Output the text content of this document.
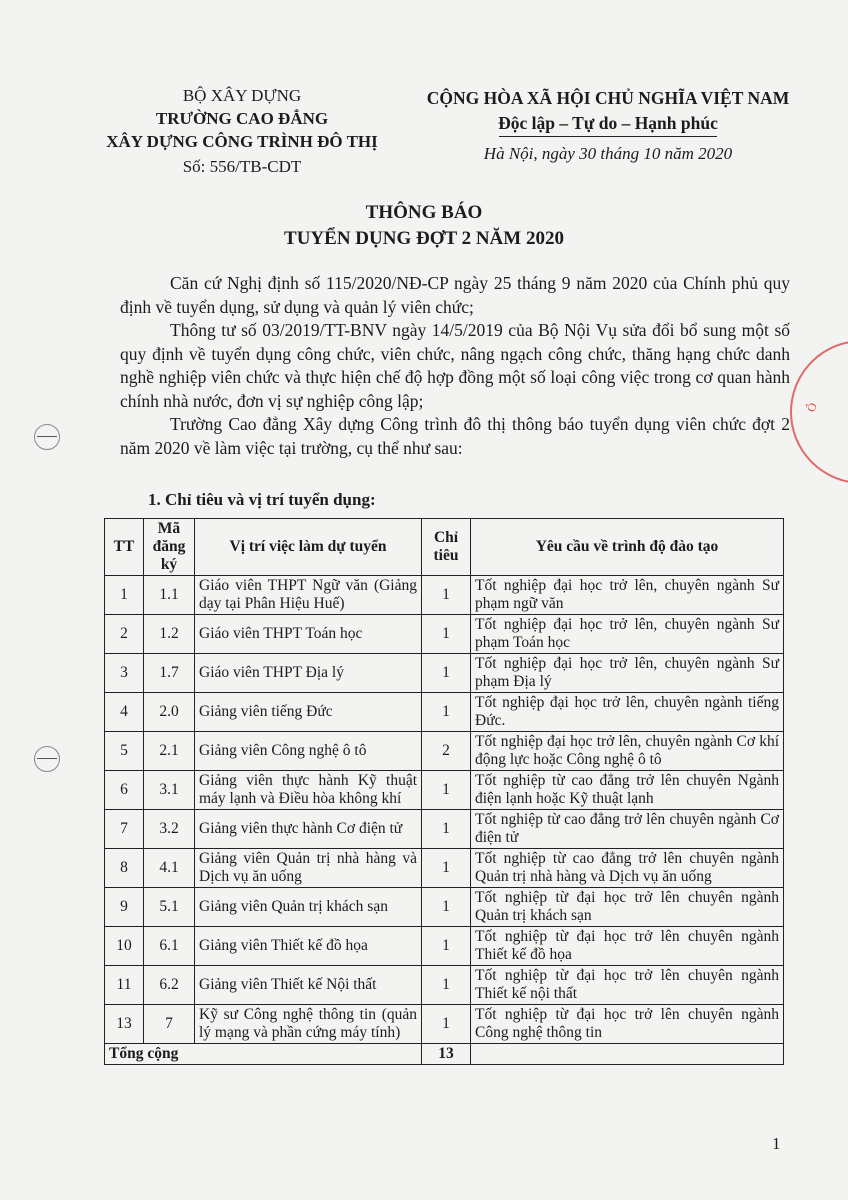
Ô
BỘ XÂY DỰNG
TRƯỜNG CAO ĐẲNG
XÂY DỰNG CÔNG TRÌNH ĐÔ THỊ
Số: 556/TB-CDT
CỘNG HÒA XÃ HỘI CHỦ NGHĨA VIỆT NAM
Độc lập – Tự do – Hạnh phúc
Hà Nội, ngày 30 tháng 10 năm 2020
THÔNG BÁO
TUYỂN DỤNG ĐỢT 2 NĂM 2020

Căn cứ Nghị định số 115/2020/NĐ-CP ngày 25 tháng 9 năm 2020 của Chính phủ quy định về tuyển dụng, sử dụng và quản lý viên chức;

Thông tư số 03/2019/TT-BNV ngày 14/5/2019 của Bộ Nội Vụ sửa đổi bổ sung một số quy định về tuyển dụng công chức, viên chức, nâng ngạch công chức, thăng hạng chức danh nghề nghiệp viên chức và thực hiện chế độ hợp đồng một số loại công việc trong cơ quan hành chính nhà nước, đơn vị sự nghiệp công lập;

Trường Cao đẳng Xây dựng Công trình đô thị thông báo tuyển dụng viên chức đợt 2 năm 2020 về làm việc tại trường, cụ thể như sau:

1. Chỉ tiêu và vị trí tuyển dụng:
TT	Mã đăng ký	Vị trí việc làm dự tuyển	Chỉ tiêu	Yêu cầu về trình độ đào tạo
1	1.1	Giáo viên THPT Ngữ văn (Giảng dạy tại Phân Hiệu Huế)	1	Tốt nghiệp đại học trở lên, chuyên ngành Sư phạm ngữ văn
2	1.2	Giáo viên THPT Toán học	1	Tốt nghiệp đại học trở lên, chuyên ngành Sư phạm Toán học
3	1.7	Giáo viên THPT Địa lý	1	Tốt nghiệp đại học trở lên, chuyên ngành Sư phạm Địa lý
4	2.0	Giảng viên tiếng Đức	1	Tốt nghiệp đại học trở lên, chuyên ngành tiếng Đức.
5	2.1	Giảng viên Công nghệ ô tô	2	Tốt nghiệp đại học trở lên, chuyên ngành Cơ khí động lực hoặc Công nghệ ô tô
6	3.1	Giảng viên thực hành Kỹ thuật máy lạnh và Điều hòa không khí	1	Tốt nghiệp từ cao đẳng trở lên chuyên Ngành điện lạnh hoặc Kỹ thuật lạnh
7	3.2	Giảng viên thực hành Cơ điện tử	1	Tốt nghiệp từ cao đẳng trở lên chuyên ngành Cơ điện tử
8	4.1	Giảng viên Quản trị nhà hàng và Dịch vụ ăn uống	1	Tốt nghiệp từ cao đẳng trở lên chuyên ngành Quản trị nhà hàng và Dịch vụ ăn uống
9	5.1	Giảng viên Quản trị khách sạn	1	Tốt nghiệp từ đại học trở lên chuyên ngành Quản trị khách sạn
10	6.1	Giảng viên Thiết kế đồ họa	1	Tốt nghiệp từ đại học trở lên chuyên ngành Thiết kế đồ họa
11	6.2	Giảng viên Thiết kế Nội thất	1	Tốt nghiệp từ đại học trở lên chuyên ngành Thiết kế nội thất
13	7	Kỹ sư Công nghệ thông tin (quản lý mạng và phần cứng máy tính)	1	Tốt nghiệp từ đại học trở lên chuyên ngành Công nghệ thông tin
Tổng cộng			13	
1
